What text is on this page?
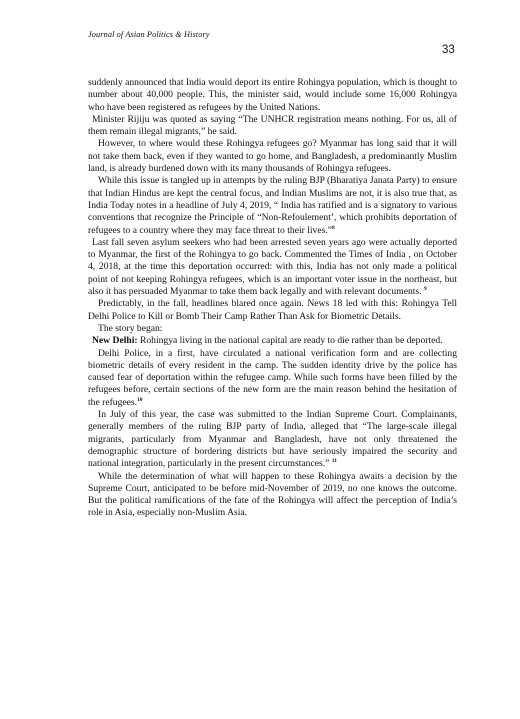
Journal of Asian Politics & History
33

suddenly announced that India would deport its entire Rohingya population, which is thought to number about 40,000 people. This, the minister said, would include some 16,000 Rohingya who have been registered as refugees by the United Nations.

Minister Rijiju was quoted as saying “The UNHCR registration means nothing. For us, all of them remain illegal migrants,” he said.

However, to where would these Rohingya refugees go? Myanmar has long said that it will not take them back, even if they wanted to go home, and Bangladesh, a predominantly Muslim land, is already burdened down with its many thousands of Rohingya refugees.

While this issue is tangled up in attempts by the ruling BJP (Bharatiya Janata Party) to ensure that Indian Hindus are kept the central focus, and Indian Muslims are not, it is also true that, as India Today notes in a headline of July 4, 2019, “ India has ratified and is a signatory to various conventions that recognize the Principle of “Non-Refoulement’, which prohibits deportation of refugees to a country where they may face threat to their lives.”$^8$

Last fall seven asylum seekers who had been arrested seven years ago were actually deported to Myanmar, the first of the Rohingya to go back. Commented the Times of India , on October 4, 2018, at the time this deportation occurred: with this, India has not only made a political point of not keeping Rohingya refugees, which is an important voter issue in the northeast, but also it has persuaded Myanmar to take them back legally and with relevant documents. $^9$

Predictably, in the fall, headlines blared once again. News 18 led with this: Rohingya Tell Delhi Police to Kill or Bomb Their Camp Rather Than Ask for Biometric Details.

The story began:

New Delhi: Rohingya living in the national capital are ready to die rather than be deported.

Delhi Police, in a first, have circulated a national verification form and are collecting biometric details of every resident in the camp. The sudden identity drive by the police has caused fear of deportation within the refugee camp. While such forms have been filled by the refugees before, certain sections of the new form are the main reason behind the hesitation of the refugees.$^{10}$

In July of this year, the case was submitted to the Indian Supreme Court. Complainants, generally members of the ruling BJP party of India, alleged that “The large-scale illegal migrants, particularly from Myanmar and Bangladesh, have not only threatened the demographic structure of bordering districts but have seriously impaired the security and national integration, particularly in the present circumstances.” $^{11}$

While the determination of what will happen to these Rohingya awaits a decision by the Supreme Court, anticipated to be before mid-November of 2019, no one knows the outcome. But the political ramifications of the fate of the Rohingya will affect the perception of India’s role in Asia, especially non-Muslim Asia.
